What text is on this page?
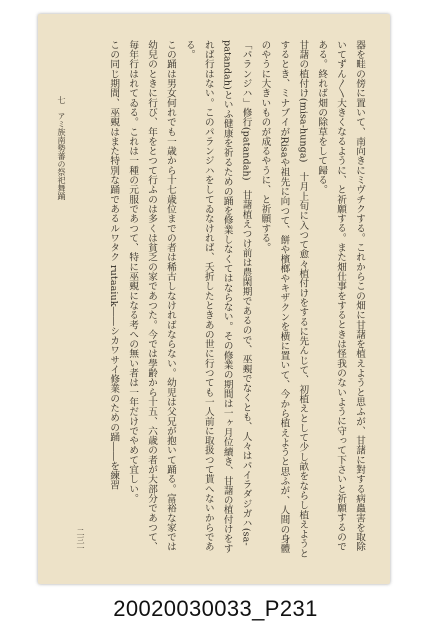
七　アミ族南勢蕃の祭祀舞踊
二三一	器を畦の傍に置いて、南向きにミヴチクする。これからこの畑に甘藷を植えようと思ふが、甘藷に對する病蟲害を取除いてずん〳〵大きくなるように、と祈願する。また畑仕事をするときは怪我のないように守って下さいと祈願するのである。終れば畑の除草をして歸る。

甘藷の植付け(misa-hunga)　十月上旬に入つて愈々植付けをするに先んじて、初植えとして少し畝をならし植えようとするとき、ミナブイがRisaや祖先に向つて、餅や檳榔やキザクンを横に置いて、今から植えようと思ふが、人間の身體のやうに大きいものが成るやうに、と祈願する。

「パランジハ」修行(patandah)　甘藷植えつけ前は農閑期であるので、巫覡でなくとも、人々はパイラダジガハ(sa-patandah)といふ健康を祈るための踊を修業しなくてはならない。その修業の期間は一ヶ月位續き、甘藷の植付けをすれば行はない。このパランジハをしてゐなければ、夭折したときあの世に行つても一人前に取扱つて貰へないからである。

この踊は男女何れでも一歳から十七歳位までの者は稀古しなければならない。幼児は父兄が抱いて踊る。富裕な家では幼兒のときに行び、年をとつて行ふのは多くは貧乏の家であつた。今では學齢から十五、六歳の者が大部分であつて、毎年行はれてゐる。これは一種の元服であつて、特に巫覡になる考への無い者は一年だけでやめて宜しい。

この同じ期間、巫覡はまた特別な踊であるルワタク rutaaiuk――シカワサイ修業のための踊――を練習

20020030033_P231
